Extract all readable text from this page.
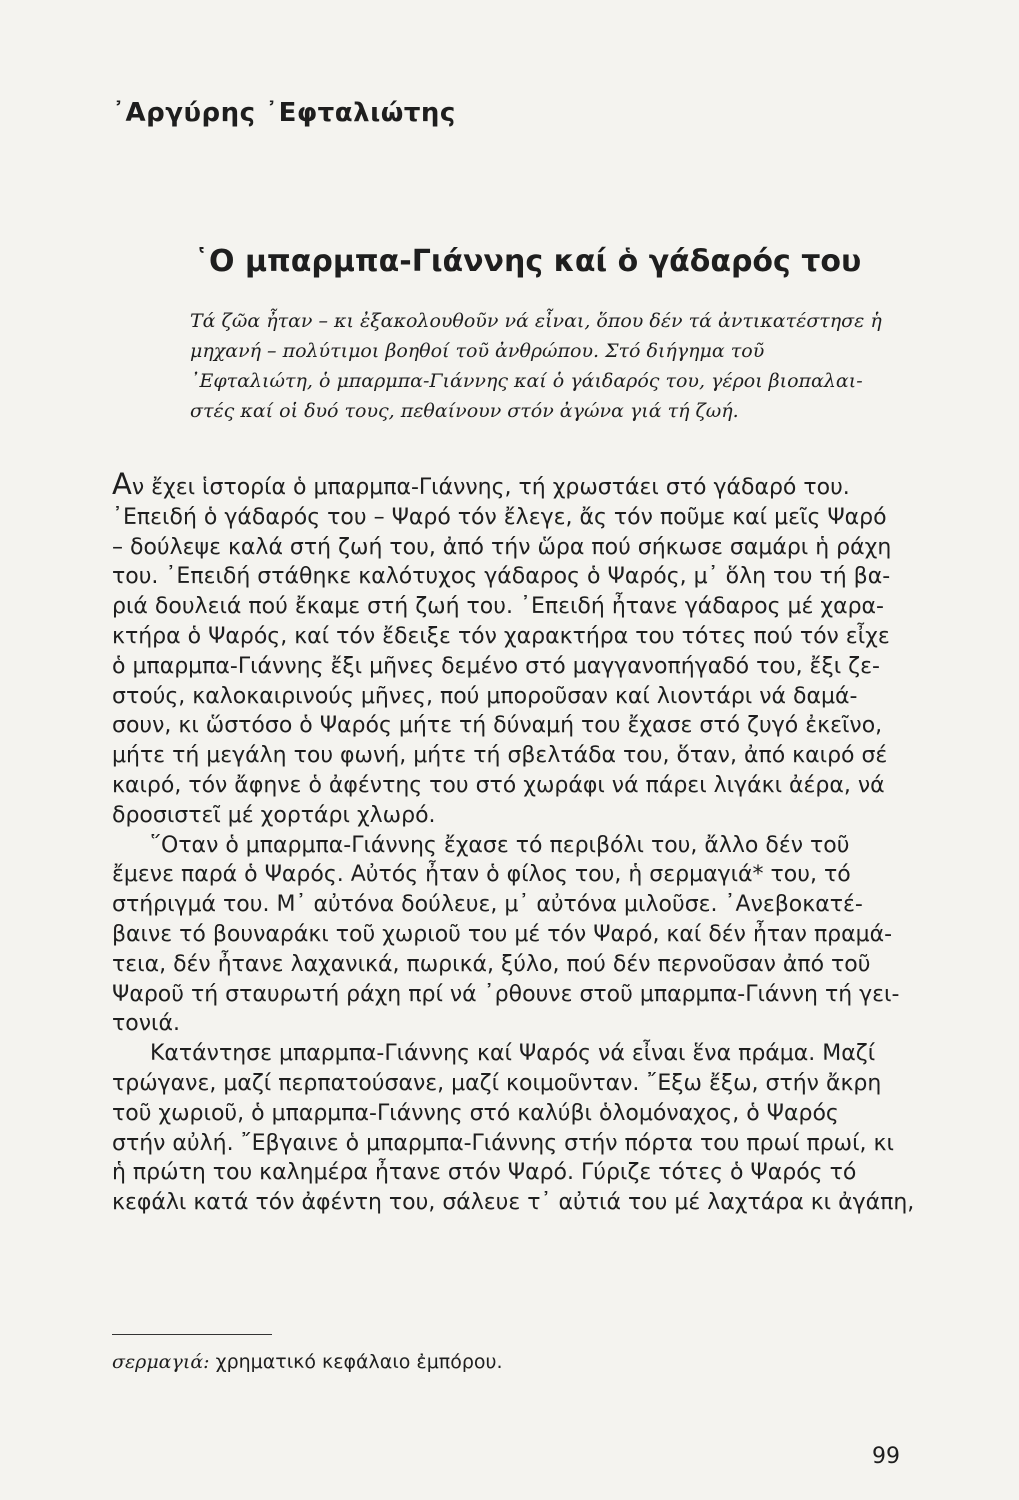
᾿Αργύρης ᾿Εφταλιώτης
῾Ο μπαρμπα-Γιάννης καί ὁ γάδαρός του
Τά ζῶα ἦταν – κι ἐξακολουθοῦν νά εἶναι, ὅπου δέν τά ἀντικατέστησε ἡ
μηχανή – πολύτιμοι βοηθοί τοῦ ἀνθρώπου. Στό διήγημα τοῦ
᾿Εφταλιώτη, ὁ μπαρμπα-Γιάννης καί ὁ γάιδαρός του, γέροι βιοπαλαι-
στές καί οἱ δυό τους, πεθαίνουν στόν ἀγώνα γιά τή ζωή.
Αν ἔχει ἱστορία ὁ μπαρμπα-Γιάννης, τή χρωστάει στό γάδαρό του.
᾿Επειδή ὁ γάδαρός του – Ψαρό τόν ἔλεγε, ἄς τόν ποῦμε καί μεῖς Ψαρό
– δούλεψε καλά στή ζωή του, ἀπό τήν ὥρα πού σήκωσε σαμάρι ἡ ράχη
του. ᾿Επειδή στάθηκε καλότυχος γάδαρος ὁ Ψαρός, μ᾿ ὅλη του τή βα-
ριά δουλειά πού ἔκαμε στή ζωή του. ᾿Επειδή ἦτανε γάδαρος μέ χαρα-
κτήρα ὁ Ψαρός, καί τόν ἔδειξε τόν χαρακτήρα του τότες πού τόν εἶχε
ὁ μπαρμπα-Γιάννης ἔξι μῆνες δεμένο στό μαγγανοπήγαδό του, ἔξι ζε-
στούς, καλοκαιρινούς μῆνες, πού μποροῦσαν καί λιοντάρι νά δαμά-
σουν, κι ὥστόσο ὁ Ψαρός μήτε τή δύναμή του ἔχασε στό ζυγό ἐκεῖνο,
μήτε τή μεγάλη του φωνή, μήτε τή σβελτάδα του, ὅταν, ἀπό καιρό σέ
καιρό, τόν ἄφηνε ὁ ἀφέντης του στό χωράφι νά πάρει λιγάκι ἀέρα, νά
δροσιστεῖ μέ χορτάρι χλωρό.
῞Οταν ὁ μπαρμπα-Γιάννης ἔχασε τό περιβόλι του, ἄλλο δέν τοῦ
ἔμενε παρά ὁ Ψαρός. Αὐτός ἦταν ὁ φίλος του, ἡ σερμαγιά* του, τό
στήριγμά του. Μ᾿ αὐτόνα δούλευε, μ᾿ αὐτόνα μιλοῦσε. ᾿Ανεβοκατέ-
βαινε τό βουναράκι τοῦ χωριοῦ του μέ τόν Ψαρό, καί δέν ἦταν πραμά-
τεια, δέν ἦτανε λαχανικά, πωρικά, ξύλο, πού δέν περνοῦσαν ἀπό τοῦ
Ψαροῦ τή σταυρωτή ράχη πρί νά ᾿ρθουνε στοῦ μπαρμπα-Γιάννη τή γει-
τονιά.
Κατάντησε μπαρμπα-Γιάννης καί Ψαρός νά εἶναι ἕνα πράμα. Μαζί
τρώγανε, μαζί περπατούσανε, μαζί κοιμοῦνταν. ῎Εξω ἔξω, στήν ἄκρη
τοῦ χωριοῦ, ὁ μπαρμπα-Γιάννης στό καλύβι ὁλομόναχος, ὁ Ψαρός
στήν αὐλή. ῎Εβγαινε ὁ μπαρμπα-Γιάννης στήν πόρτα του πρωί πρωί, κι
ἡ πρώτη του καλημέρα ἦτανε στόν Ψαρό. Γύριζε τότες ὁ Ψαρός τό
κεφάλι κατά τόν ἀφέντη του, σάλευε τ᾿ αὐτιά του μέ λαχτάρα κι ἀγάπη,
σερμαγιά: χρηματικό κεφάλαιο ἐμπόρου.
99
